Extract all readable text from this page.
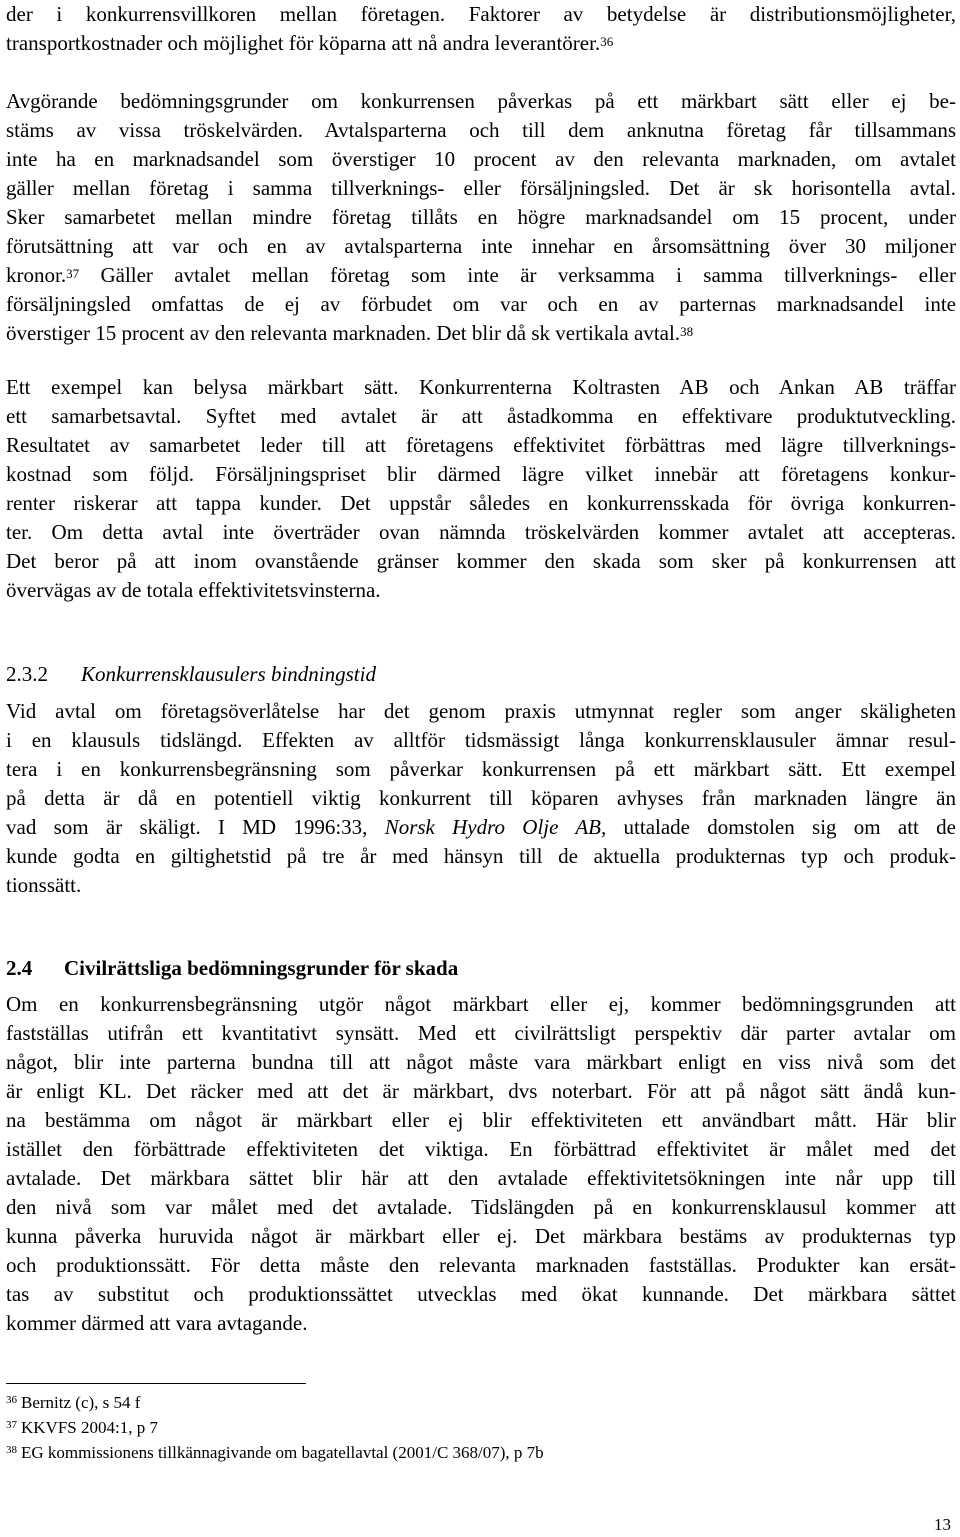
der i konkurrensvillkoren mellan företagen. Faktorer av betydelse är distributionsmöjligheter,
transportkostnader och möjlighet för köparna att nå andra leverantörer.$^{36}$
Avgörande bedömningsgrunder om konkurrensen påverkas på ett märkbart sätt eller ej be-
stäms av vissa tröskelvärden. Avtalsparterna och till dem anknutna företag får tillsammans
inte ha en marknadsandel som överstiger 10 procent av den relevanta marknaden, om avtalet
gäller mellan företag i samma tillverknings- eller försäljningsled. Det är sk horisontella avtal.
Sker samarbetet mellan mindre företag tillåts en högre marknadsandel om 15 procent, under
förutsättning att var och en av avtalsparterna inte innehar en årsomsättning över 30 miljoner
kronor.$^{37}$ Gäller avtalet mellan företag som inte är verksamma i samma tillverknings- eller
försäljningsled omfattas de ej av förbudet om var och en av parternas marknadsandel inte
överstiger 15 procent av den relevanta marknaden. Det blir då sk vertikala avtal.$^{38}$
Ett exempel kan belysa märkbart sätt. Konkurrenterna Koltrasten AB och Ankan AB träffar
ett samarbetsavtal. Syftet med avtalet är att åstadkomma en effektivare produktutveckling.
Resultatet av samarbetet leder till att företagens effektivitet förbättras med lägre tillverknings-
kostnad som följd. Försäljningspriset blir därmed lägre vilket innebär att företagens konkur-
renter riskerar att tappa kunder. Det uppstår således en konkurrensskada för övriga konkurren-
ter. Om detta avtal inte överträder ovan nämnda tröskelvärden kommer avtalet att accepteras.
Det beror på att inom ovanstående gränser kommer den skada som sker på konkurrensen att
övervägas av de totala effektivitetsvinsterna.
2.3.2 Konkurrensklausulers bindningstid
Vid avtal om företagsöverlåtelse har det genom praxis utmynnat regler som anger skäligheten
i en klausuls tidslängd. Effekten av alltför tidsmässigt långa konkurrensklausuler ämnar resul-
tera i en konkurrensbegränsning som påverkar konkurrensen på ett märkbart sätt. Ett exempel
på detta är då en potentiell viktig konkurrent till köparen avhyses från marknaden längre än
vad som är skäligt. I MD 1996:33, Norsk Hydro Olje AB, uttalade domstolen sig om att de
kunde godta en giltighetstid på tre år med hänsyn till de aktuella produkternas typ och produk-
tionssätt.
2.4 Civilrättsliga bedömningsgrunder för skada
Om en konkurrensbegränsning utgör något märkbart eller ej, kommer bedömningsgrunden att
fastställas utifrån ett kvantitativt synsätt. Med ett civilrättsligt perspektiv där parter avtalar om
något, blir inte parterna bundna till att något måste vara märkbart enligt en viss nivå som det
är enligt KL. Det räcker med att det är märkbart, dvs noterbart. För att på något sätt ändå kun-
na bestämma om något är märkbart eller ej blir effektiviteten ett användbart mått. Här blir
istället den förbättrade effektiviteten det viktiga. En förbättrad effektivitet är målet med det
avtalade. Det märkbara sättet blir här att den avtalade effektivitetsökningen inte når upp till
den nivå som var målet med det avtalade. Tidslängden på en konkurrensklausul kommer att
kunna påverka huruvida något är märkbart eller ej. Det märkbara bestäms av produkternas typ
och produktionssätt. För detta måste den relevanta marknaden fastställas. Produkter kan ersät-
tas av substitut och produktionssättet utvecklas med ökat kunnande. Det märkbara sättet
kommer därmed att vara avtagande.
$^{36}$ Bernitz (c), s 54 f
$^{37}$ KKVFS 2004:1, p 7
$^{38}$ EG kommissionens tillkännagivande om bagatellavtal (2001/C 368/07), p 7b
13
